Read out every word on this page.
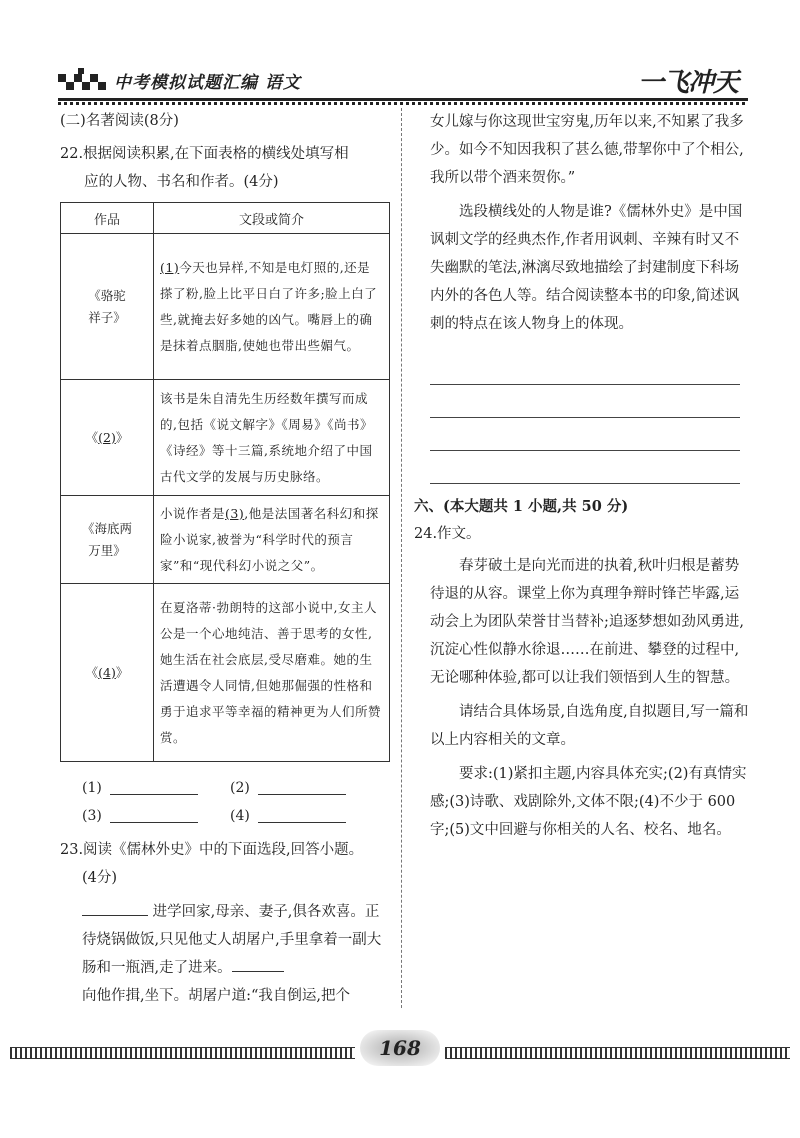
中考模拟试题汇编 语文	一飞冲天

(二)名著阅读(8分)

22.根据阅读积累,在下面表格的横线处填写相

应的人物、书名和作者。(4分)

作品	文段或简介

《骆驼
祥子》	(1)今天也异样,不知是电灯照的,还是搽了粉,脸上比平日白了许多;脸上白了些,就掩去好多她的凶气。嘴唇上的确是抹着点胭脂,使她也带出些媚气。
《(2)》	该书是朱自清先生历经数年撰写而成的,包括《说文解字》《周易》《尚书》《诗经》等十三篇,系统地介绍了中国古代文学的发展与历史脉络。

《海底两
万里》	小说作者是(3),他是法国著名科幻和探险小说家,被誉为“科学时代的预言家”和“现代科幻小说之父”。
《(4)》	在夏洛蒂·勃朗特的这部小说中,女主人公是一个心地纯洁、善于思考的女性,她生活在社会底层,受尽磨难。她的生活遭遇令人同情,但她那倔强的性格和勇于追求平等幸福的精神更为人们所赞赏。
(1)	(2)
(3)	(4)

23.阅读《儒林外史》中的下面选段,回答小题。

(4分)

进学回家,母亲、妻子,俱各欢喜。正待烧锅做饭,只见他丈人胡屠户,手里拿着一副大肠和一瓶酒,走了进来。

向他作揖,坐下。胡屠户道:“我自倒运,把个

女儿嫁与你这现世宝穷鬼,历年以来,不知累了我多少。如今不知因我积了甚么德,带挈你中了个相公,我所以带个酒来贺你。”

选段横线处的人物是谁?《儒林外史》是中国讽刺文学的经典杰作,作者用讽刺、辛辣有时又不失幽默的笔法,淋漓尽致地描绘了封建制度下科场内外的各色人等。结合阅读整本书的印象,简述讽刺的特点在该人物身上的体现。

六、(本大题共 1 小题,共 50 分)

24.作文。

春芽破土是向光而进的执着,秋叶归根是蓄势待退的从容。课堂上你为真理争辩时锋芒毕露,运动会上为团队荣誉甘当替补;追逐梦想如劲风勇进,沉淀心性似静水徐退……在前进、攀登的过程中,无论哪种体验,都可以让我们领悟到人生的智慧。

请结合具体场景,自选角度,自拟题目,写一篇和以上内容相关的文章。

要求:(1)紧扣主题,内容具体充实;(2)有真情实感;(3)诗歌、戏剧除外,文体不限;(4)不少于 600 字;(5)文中回避与你相关的人名、校名、地名。

168
